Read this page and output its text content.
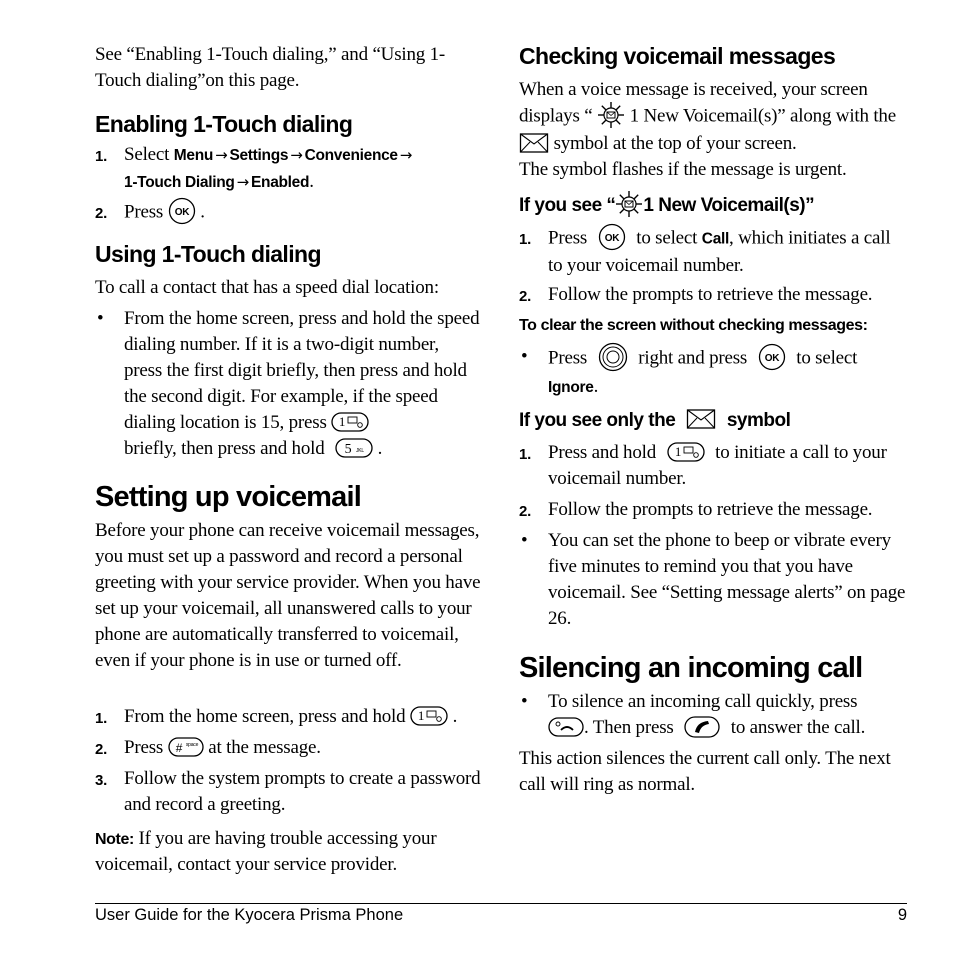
See “Enabling 1-Touch dialing,” and “Using 1-Touch dialing”on this page.

Enabling 1-Touch dialing
1. Select Menu → Settings → Convenience →
1-Touch Dialing → Enabled.
2. Press OK .
Using 1-Touch dialing

To call a contact that has a speed dial location:

• From the home screen, press and hold the speed dialing number. If it is a two-digit number, press the first digit briefly, then press and hold the second digit. For example, if the speed dialing location is 15, press 1

briefly, then press and hold 5 JKL .
Setting up voicemail

Before your phone can receive voicemail messages, you must set up a password and record a personal greeting with your service provider. When you have set up your voicemail, all unanswered calls to your phone are automatically transferred to voicemail, even if your phone is in use or turned off.

1. From the home screen, press and hold 1 .
2. Press # space at the message.
3. Follow the system prompts to create a password and record a greeting.

Note: If you are having trouble accessing your voicemail, contact your service provider.

Checking voicemail messages
When a voice message is received, your screen displays “ 1 New Voicemail(s)” along with the
symbol at the top of your screen.
The symbol flashes if the message is urgent.
If you see “ 1 New Voicemail(s)”
1. Press OK to select Call, which initiates a call to your voicemail number.
2. Follow the prompts to retrieve the message.
To clear the screen without checking messages:
• Press	right and press OK to select
Ignore.
If you see only the	symbol
1. Press and hold 1 to initiate a call to your voicemail number.
2. Follow the prompts to retrieve the message.
• You can set the phone to beep or vibrate every five minutes to remind you that you have voicemail. See “Setting message alerts” on page 26.
Silencing an incoming call
• To silence an incoming call quickly, press

. Then press	to answer the call.

This action silences the current call only. The next call will ring as normal.

User Guide for the Kyocera Prisma Phone	9
